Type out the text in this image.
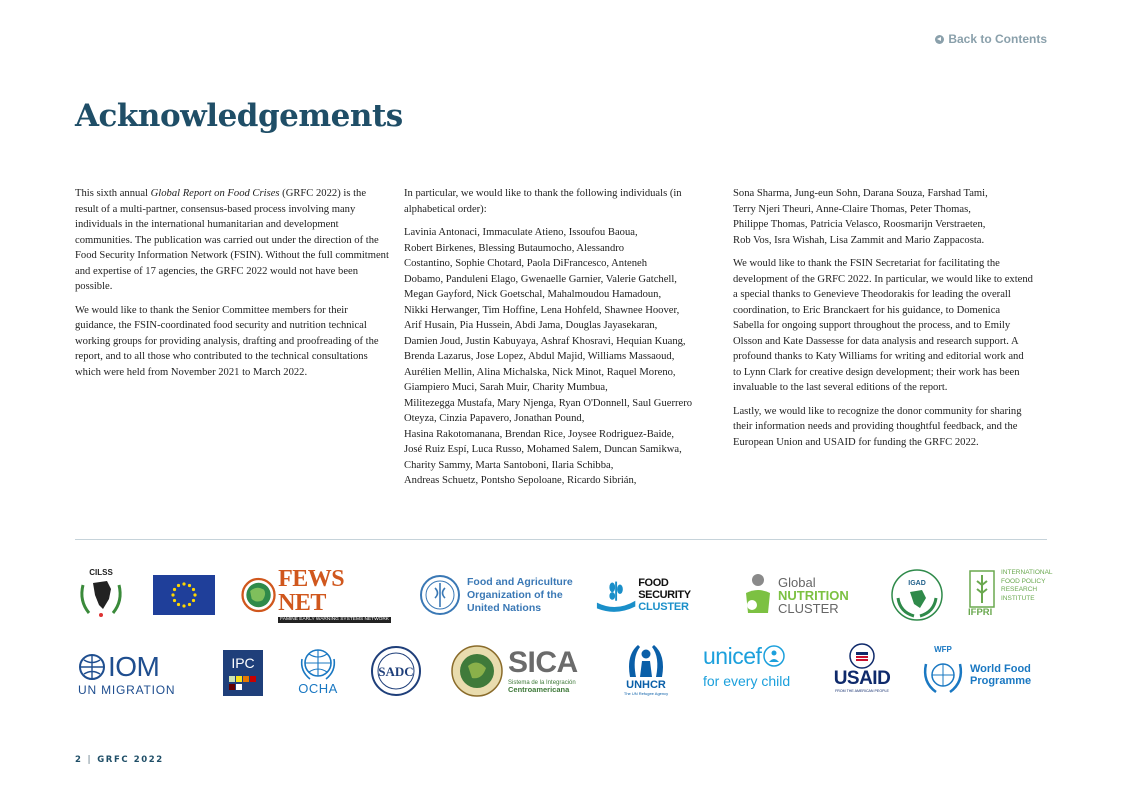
Back to Contents
Acknowledgements

This sixth annual Global Report on Food Crises (GRFC 2022) is the result of a multi-partner, consensus-based process involving many individuals in the international humanitarian and development communities. The publication was carried out under the direction of the Food Security Information Network (FSIN). Without the full commitment and expertise of 17 agencies, the GRFC 2022 would not have been possible.

We would like to thank the Senior Committee members for their guidance, the FSIN-coordinated food security and nutrition technical working groups for providing analysis, drafting and proofreading of the report, and to all those who contributed to the technical consultations which were held from November 2021 to March 2022.

In particular, we would like to thank the following individuals (in alphabetical order):

Lavinia Antonaci, Immaculate Atieno, Issoufou Baoua,
Robert Birkenes, Blessing Butaumocho, Alessandro
Costantino, Sophie Chotard, Paola DiFrancesco, Anteneh
Dobamo, Panduleni Elago, Gwenaelle Garnier, Valerie Gatchell,
Megan Gayford, Nick Goetschal, Mahalmoudou Hamadoun,
Nikki Herwanger, Tim Hoffine, Lena Hohfeld, Shawnee Hoover,
Arif Husain, Pia Hussein, Abdi Jama, Douglas Jayasekaran,
Damien Joud, Justin Kabuyaya, Ashraf Khosravi, Hequian Kuang,
Brenda Lazarus, Jose Lopez, Abdul Majid, Williams Massaoud,
Aurélien Mellin, Alina Michalska, Nick Minot, Raquel Moreno,
Giampiero Muci, Sarah Muir, Charity Mumbua,
Militezegga Mustafa, Mary Njenga, Ryan O'Donnell, Saul Guerrero
Oteyza, Cinzia Papavero, Jonathan Pound,
Hasina Rakotomanana, Brendan Rice, Joysee Rodriguez-Baide,
José Ruiz Espí, Luca Russo, Mohamed Salem, Duncan Samikwa,
Charity Sammy, Marta Santoboni, Ilaria Schibba,
Andreas Schuetz, Pontsho Sepoloane, Ricardo Sibrián,

Sona Sharma, Jung-eun Sohn, Darana Souza, Farshad Tami,
Terry Njeri Theuri, Anne-Claire Thomas, Peter Thomas,
Philippe Thomas, Patricia Velasco, Roosmarijn Verstraeten,
Rob Vos, Isra Wishah, Lisa Zammit and Mario Zappacosta.

We would like to thank the FSIN Secretariat for facilitating the development of the GRFC 2022. In particular, we would like to extend a special thanks to Genevieve Theodorakis for leading the overall coordination, to Eric Branckaert for his guidance, to Domenica Sabella for ongoing support throughout the process, and to Emily Olsson and Kate Dassesse for data analysis and research support. A profound thanks to Katy Williams for writing and editorial work and to Lynn Clark for creative design development; their work has been invaluable to the last several editions of the report.

Lastly, we would like to recognize the donor community for sharing their information needs and providing thoughtful feedback, and the European Union and USAID for funding the GRFC 2022.

CILSS	FEWS NET
FAMINE EARLY WARNING SYSTEMS NETWORK
Food and Agriculture
Organization of the
United Nations
FOOD SECURITY
CLUSTER
Global
NUTRITION
CLUSTER
IGAD
INTERNATIONAL
FOOD POLICY
RESEARCH
INSTITUTE
IFPRI
IOM
UN MIGRATION
IPC
OCHA
SADC	SICA
Sistema de la Integración
Centroamericana	UNHCR
The UN Refugee Agency
unicef
for every child USAID
FROM THE AMERICAN PEOPLE
WFP
World Food
Programme
2 | GRFC 2022
